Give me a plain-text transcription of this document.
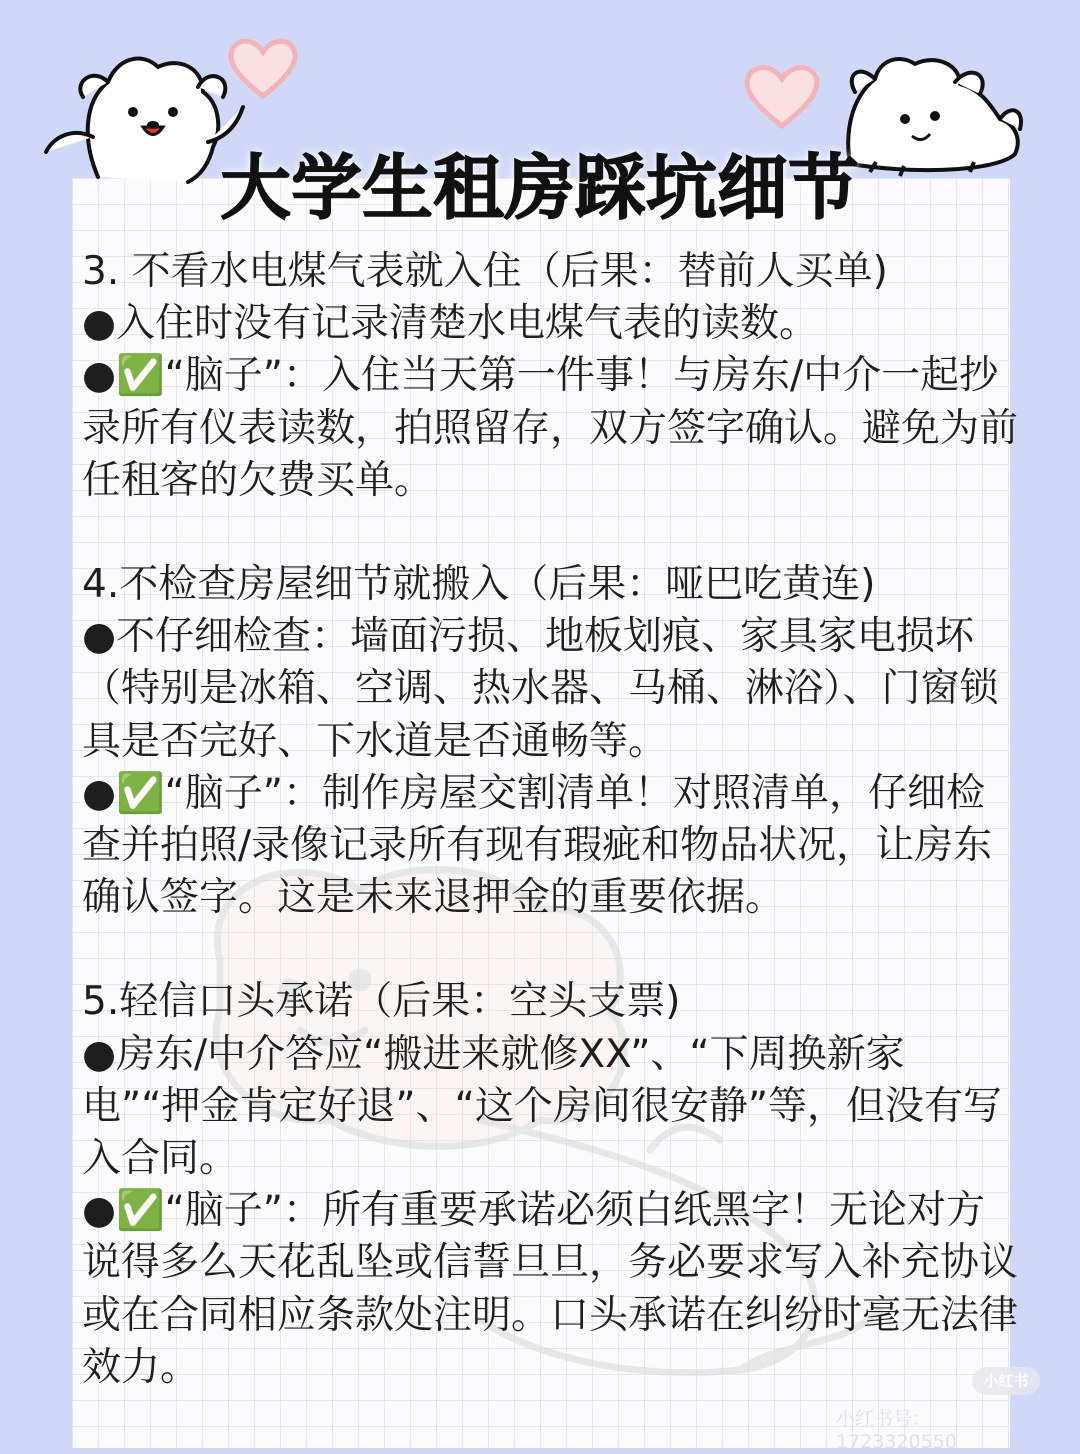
大学生租房踩坑细节

3. 不看水电煤气表就入住（后果：替前人买单)

●入住时没有记录清楚水电煤气表的读数。

●✅“脑子”：入住当天第一件事！与房东/中介一起抄录所有仪表读数，拍照留存，双方签字确认。避免为前任租客的欠费买单。

4.不检查房屋细节就搬入（后果：哑巴吃黄连)

●不仔细检查：墙面污损、地板划痕、家具家电损坏（特别是冰箱、空调、热水器、马桶、淋浴）、门窗锁具是否完好、下水道是否通畅等。

●✅“脑子”：制作房屋交割清单！对照清单，仔细检查并拍照/录像记录所有现有瑕疵和物品状况，让房东确认签字。这是未来退押金的重要依据。

5.轻信口头承诺（后果：空头支票)

●房东/中介答应“搬进来就修XX”、“下周换新家电”“押金肯定好退”、“这个房间很安静”等，但没有写入合同。

●✅“脑子”：所有重要承诺必须白纸黑字！无论对方说得多么天花乱坠或信誓旦旦，务必要求写入补充协议或在合同相应条款处注明。口头承诺在纠纷时毫无法律效力。	小红书
小红书号：1723320550
